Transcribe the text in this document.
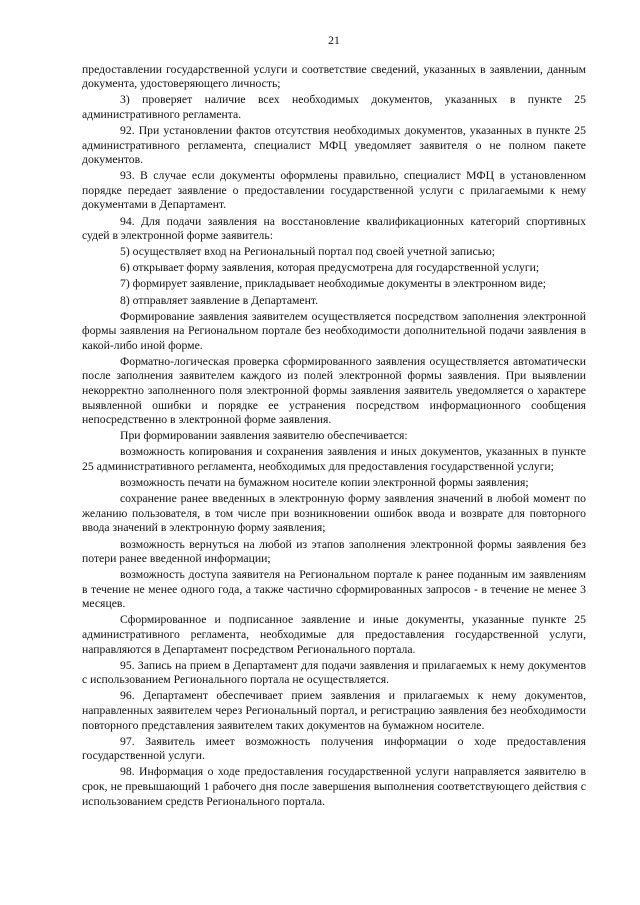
21

предоставлении государственной услуги и соответствие сведений, указанных в заявлении, данным документа, удостоверяющего личность;

3) проверяет наличие всех необходимых документов, указанных в пункте 25 административного регламента.

92. При установлении фактов отсутствия необходимых документов, указанных в пункте 25 административного регламента, специалист МФЦ уведомляет заявителя о не полном пакете документов.

93. В случае если документы оформлены правильно, специалист МФЦ в установленном порядке передает заявление о предоставлении государственной услуги с прилагаемыми к нему документами в Департамент.

94. Для подачи заявления на восстановление квалификационных категорий спортивных судей в электронной форме заявитель:

5) осуществляет вход на Региональный портал под своей учетной записью;

6) открывает форму заявления, которая предусмотрена для государственной услуги;

7) формирует заявление, прикладывает необходимые документы в электронном виде;

8) отправляет заявление в Департамент.

Формирование заявления заявителем осуществляется посредством заполнения электронной формы заявления на Региональном портале без необходимости дополнительной подачи заявления в какой-либо иной форме.

Форматно-логическая проверка сформированного заявления осуществляется автоматически после заполнения заявителем каждого из полей электронной формы заявления. При выявлении некорректно заполненного поля электронной формы заявления заявитель уведомляется о характере выявленной ошибки и порядке ее устранения посредством информационного сообщения непосредственно в электронной форме заявления.

При формировании заявления заявителю обеспечивается:

возможность копирования и сохранения заявления и иных документов, указанных в пункте 25 административного регламента, необходимых для предоставления государственной услуги;

возможность печати на бумажном носителе копии электронной формы заявления;

сохранение ранее введенных в электронную форму заявления значений в любой момент по желанию пользователя, в том числе при возникновении ошибок ввода и возврате для повторного ввода значений в электронную форму заявления;

возможность вернуться на любой из этапов заполнения электронной формы заявления без потери ранее введенной информации;

возможность доступа заявителя на Региональном портале к ранее поданным им заявлениям в течение не менее одного года, а также частично сформированных запросов - в течение не менее 3 месяцев.

Сформированное и подписанное заявление и иные документы, указанные пункте 25 административного регламента, необходимые для предоставления государственной услуги, направляются в Департамент посредством Регионального портала.

95. Запись на прием в Департамент для подачи заявления и прилагаемых к нему документов с использованием Регионального портала не осуществляется.

96. Департамент обеспечивает прием заявления и прилагаемых к нему документов, направленных заявителем через Региональный портал, и регистрацию заявления без необходимости повторного представления заявителем таких документов на бумажном носителе.

97. Заявитель имеет возможность получения информации о ходе предоставления государственной услуги.

98. Информация о ходе предоставления государственной услуги направляется заявителю в срок, не превышающий 1 рабочего дня после завершения выполнения соответствующего действия с использованием средств Регионального портала.
